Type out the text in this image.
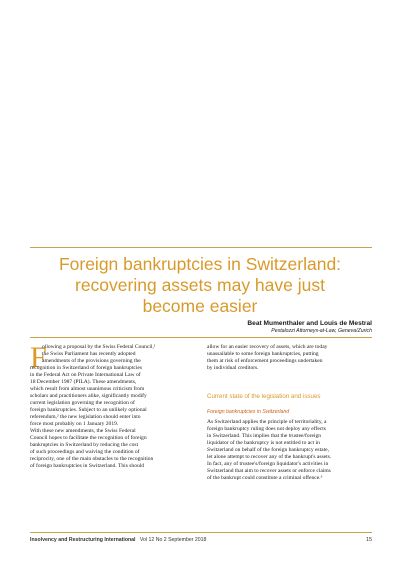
Foreign bankruptcies in Switzerland:
recovering assets may have just
become easier
Beat Mumenthaler and Louis de Mestral
Pestalozzi Attorneys-at-Law, Geneva/Zurich
F
ollowing a proposal by the Swiss Federal Council,¹
the Swiss Parliament has recently adopted
amendments of the provisions governing the
recognition in Switzerland of foreign bankruptcies
in the Federal Act on Private International Law of
18 December 1987 (PILA). These amendments,
which result from almost unanimous criticism from
scholars and practitioners alike, significantly modify
current legislation governing the recognition of
foreign bankruptcies. Subject to an unlikely optional
referendum,² the new legislation should enter into
force most probably on 1 January 2019.
With these new amendments, the Swiss Federal
Council hopes to facilitate the recognition of foreign
bankruptcies in Switzerland by reducing the cost
of such proceedings and waiving the condition of
reciprocity, one of the main obstacles to the recognition
of foreign bankruptcies in Switzerland. This should
allow for an easier recovery of assets, which are today
unassailable to some foreign bankruptcies, putting
them at risk of enforcement proceedings undertaken
by individual creditors.
Current state of the legislation and issues
Foreign bankruptcies in Switzerland
As Switzerland applies the principle of territoriality, a
foreign bankruptcy ruling does not deploy any effects
in Switzerland. This implies that the trustee/foreign
liquidator of the bankruptcy is not entitled to act in
Switzerland on behalf of the foreign bankruptcy estate,
let alone attempt to recover any of the bankrupt's assets.
In fact, any of trustee's/foreign liquidator's activities in
Switzerland that aim to recover assets or enforce claims
of the bankrupt could constitute a criminal offence.³
Insolvency and Restructuring International Vol 12 No 2 September 2018	15
